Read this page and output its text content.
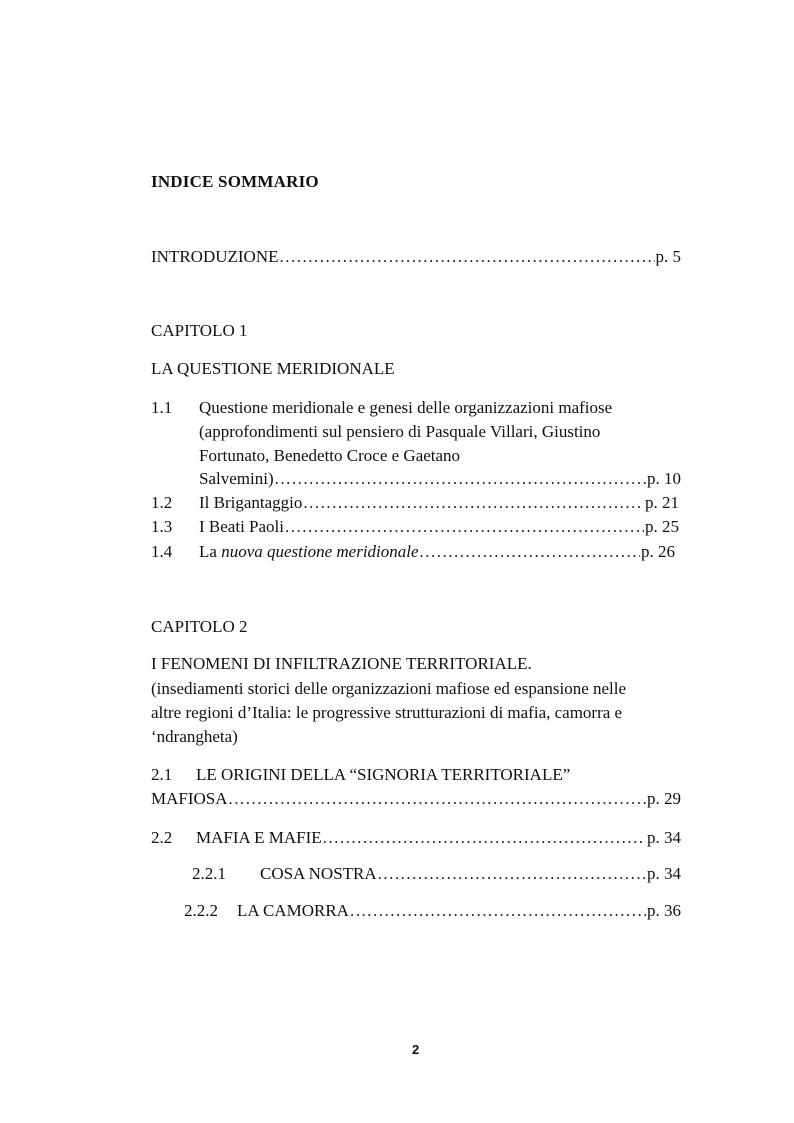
INDICE SOMMARIO
INTRODUZIONE .....	p. 5
CAPITOLO 1
LA QUESTIONE MERIDIONALE
1.1 Questione meridionale e genesi delle organizzazioni mafiose
(approfondimenti sul pensiero di Pasquale Villari, Giustino
Fortunato, Benedetto Croce e Gaetano
Salvemini) .....	p. 10
1.2 Il Brigantaggio .....	p. 21
1.3 I Beati Paoli .....	p. 25
1.4 La nuova questione meridionale .....	p. 26
CAPITOLO 2
I FENOMENI DI INFILTRAZIONE TERRITORIALE.
(insediamenti storici delle organizzazioni mafiose ed espansione nelle
altre regioni d’Italia: le progressive strutturazioni di mafia, camorra e
‘ndrangheta)
2.1 LE ORIGINI DELLA “SIGNORIA TERRITORIALE”
MAFIOSA .....	p. 29
2.2 MAFIA E MAFIE .....	p. 34
2.2.1 COSA NOSTRA .....	p. 34
2.2.2 LA CAMORRA .....	p. 36
2
